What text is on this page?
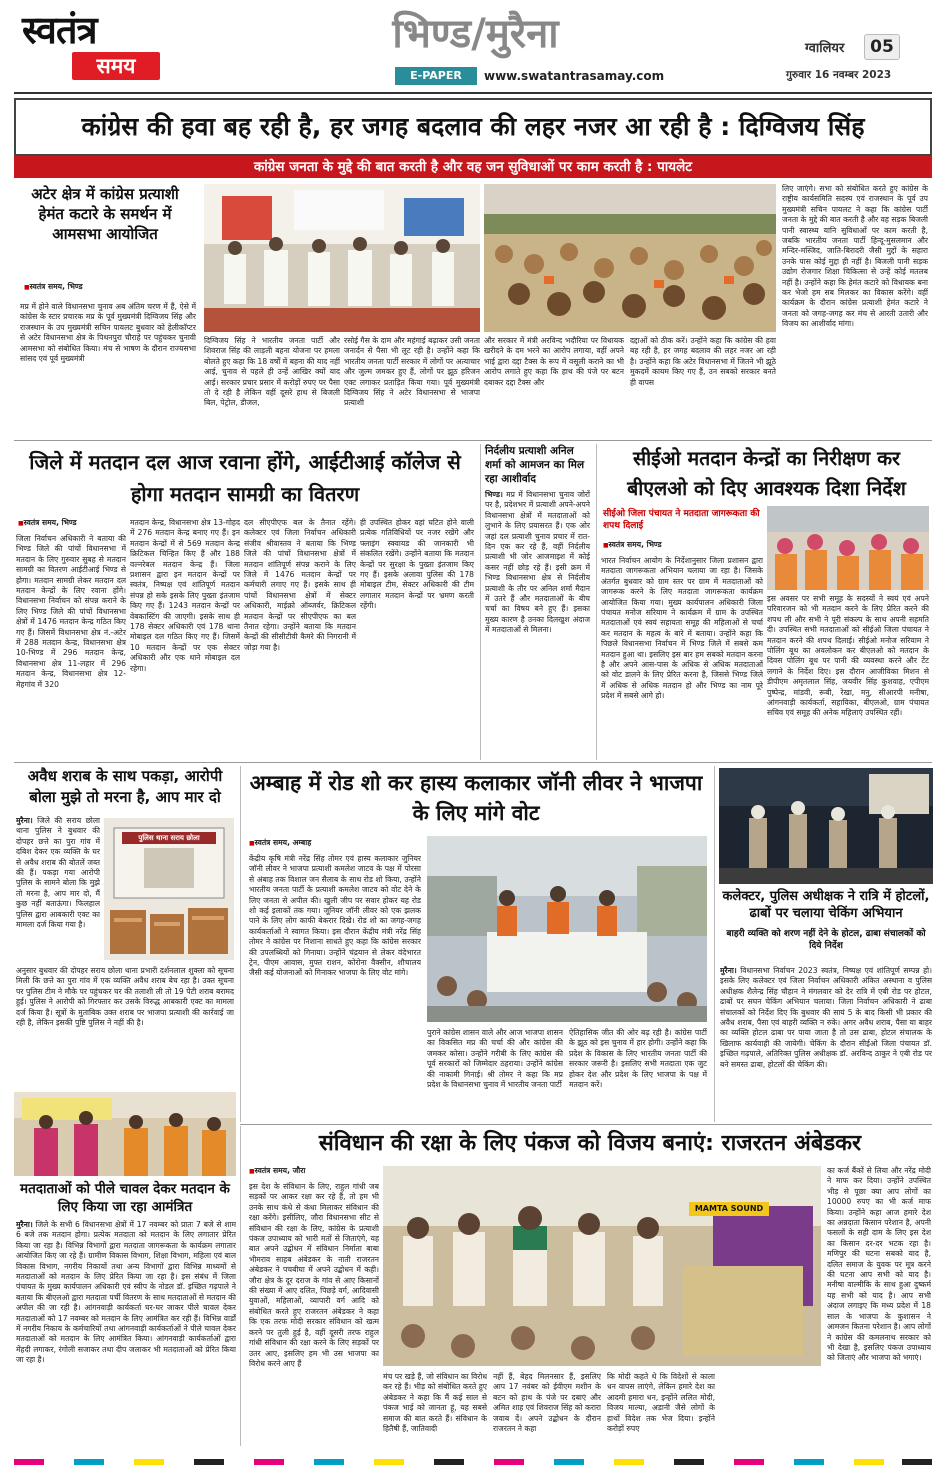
स्वतंत्र
समय
भिण्ड/मुरैना
E-PAPER	www.swatantrasamay.com
ग्वालियर	05
गुरुवार 16 नवम्बर 2023
कांग्रेस की हवा बह रही है, हर जगह बदलाव की लहर नजर आ रही है : दिग्विजय सिंह
कांग्रेस जनता के मुद्दे की बात करती है और वह जन सुविधाओं पर काम करती है : पायलेट
अटेर क्षेत्र में कांग्रेस प्रत्याशी हेमंत कटारे के समर्थन में आमसभा आयोजित
■ स्वतंत्र समय, भिण्ड
मप्र में होने वाले विधानसभा चुनाव अब अंतिम चरण में हैं, ऐसे में कांग्रेस के स्टार प्रचारक मप्र के पूर्व मुख्यमंत्री दिग्विजय सिंह और राजस्थान के उप मुख्यमंत्री सचिन पायलट बुधवार को हेलीकॉप्टर से अटेर विधानसभा क्षेत्र के पिथनपुरा चौराहे पर पहुंचकर चुनावी आमसभा को संबोधित किया। मंच से भाषण के दौरान राज्यसभा सांसद एवं पूर्व मुख्यमंत्री
दिग्विजय सिंह ने भारतीय जनता पार्टी और शिवराज सिंह की लाड़ली बहना योजना पर हमला बोलते हुए कहा कि 18 वर्षों में बहना की याद नहीं आई, चुनाव से पहले ही उन्हें आखिर क्यों याद आई। सरकार प्रचार प्रसार में करोड़ों रुपए पर पैसा तो दे रही है लेकिन वहीं दूसरे हाथ से बिजली बिल, पेट्रोल, डीजल,
रसोई गैस के दाम और महंगाई बढ़ाकर उसी जनता जनार्दन से पैसा भी लूट रही है। उन्होंने कहा कि भारतीय जनता पार्टी सरकार में लोगों पर अत्याचार और जुल्म जमकर हुए हैं, लोगों पर झूठ हरिजन एक्ट लगाकर प्रताड़ित किया गया। पूर्व मुख्यमंत्री दिग्विजय सिंह ने अटेर विधानसभा से भाजपा प्रत्याशी
और सरकार में मंत्री अरविन्द भदौरिया पर विधायक खरीदने के दम भरने का आरोप लगाया, वहीं अपने भाई द्वारा दद्दा टैक्स के रूप में वसूली कराने का भी आरोप लगाते हुए कहा कि हाथ की पंजे पर बटन दबाकर दद्दा टैक्स और
दद्दाओं को ठीक करें। उन्होंने कहा कि कांग्रेस की हवा बह रही है, हर जगह बदलाव की लहर नजर आ रही है। उन्होंने कहा कि अटेर विधानसभा में जितने भी झूठे मुकदमें कायम किए गए हैं, उन सबको सरकार बनते ही वापस
लिए जाएंगे। सभा को संबोधित करते हुए कांग्रेस के राष्ट्रीय कार्यसमिति सदस्य एवं राजस्थान के पूर्व उप मुख्यमंत्री सचिन पायलट ने कहा कि कांग्रेस पार्टी जनता के मुद्दे की बात करती है और वह सड़क बिजली पानी स्वास्थ्य यानि सुविधाओं पर काम करती है, जबकि भारतीय जनता पार्टी हिन्दू-मुसलमान और मन्दिर-मस्जिद, जाति-बिरादरी जैसी मुद्दों के सहारा उनके पास कोई मुद्दा ही नहीं है। बिजली पानी सड़क उद्योग रोजगार शिक्षा चिकित्सा से उन्हें कोई मतलब नहीं है। उन्होंने कहा कि हेमंत कटारे को विधायक बना कर भेजो हम सब मिलकर का विकास करेंगे। वहीं कार्यक्रम के दौरान कांग्रेस प्रत्याशी हेमंत कटारे ने जनता को जगह-जगह कर मंच से आरती उतारी और विजय का आशीर्वाद मांगा।
जिले में मतदान दल आज रवाना होंगे, आईटीआई कॉलेज से होगा मतदान सामग्री का वितरण
■ स्वतंत्र समय, भिण्ड
जिला निर्वाचन अधिकारी ने बताया की भिण्ड जिले की पांचों विधानसभा में मतदान के लिए गुरुवार सुबह से मतदान सामग्री का वितरण आईटीआई भिण्ड से होगा। मतदान सामग्री लेकर मतदान दल मतदान केन्द्रों के लिए रवाना होंगे। विधानसभा निर्वाचन को संपन्न कराने के लिए भिण्ड जिले की पांचों विधानसभा क्षेत्रों में 1476 मतदान केन्द्र गठित किए गए हैं। जिसमें विधानसभा क्षेत्र नं.-अटेर में 288 मतदान केन्द्र, विधानसभा क्षेत्र 10-भिण्ड में 296 मतदान केन्द्र, विधानसभा क्षेत्र 11-लहार में 296 मतदान केन्द्र, विधानसभा क्षेत्र 12-मेहगांव में 320
मतदान केन्द्र, विधानसभा क्षेत्र 13-गोहद में 276 मतदान केन्द्र बनाए गए हैं। इन मतदान केन्द्रों में से 569 मतदान केन्द्र क्रिटिकल चिन्हित किए हैं और 188 वल्नरेबल मतदान केन्द्र हैं। जिला प्रशासन द्वारा इन मतदान केन्द्रों पर स्वतंत्र, निष्पक्ष एवं शांतिपूर्ण मतदान संपन्न हो सके इसके लिए पुख्ता इंतजाम किए गए हैं। 1243 मतदान केन्द्रों पर वेबकास्टिंग की जाएगी। इसके साथ ही 178 सेक्टर अधिकारी एवं 178 थाना मोबाइल दल गठित किए गए हैं। जिसमें 10 मतदान केन्द्रों पर एक सेक्टर अधिकारी और एक थाने मोबाइल दल रहेगा।
दल सीएपीएफ बल के तैनात रहेंगे। कलेक्टर एवं जिला निर्वाचन अधिकारी संजीव श्रीवास्तव ने बताया कि भिण्ड जिले की पांचों विधानसभा क्षेत्रों में मतदान शांतिपूर्ण संपन्न कराने के लिए जिले में 1476 मतदान केन्द्रों पर कर्मचारी लगाए गए हैं। इसके साथ ही पांचों विधानसभा क्षेत्रों में सेक्टर अधिकारी, माईक्रो ऑब्जर्वर, क्रिटिकल मतदान केन्द्रों पर सीएपीएफ का बल तैनात रहेगा। उन्होंने बताया कि मतदान केन्द्रों की सीसीटीवी कैमरे की निगरानी में जोड़ा गया है।
ही उपस्थित होकर वहां घटित होने वाली प्रत्येक गतिविधियों पर नजर रखेंगे और फ्लाइंग स्क्वायड की जानकारी भी संकलित रखेंगे। उन्होंने बताया कि मतदान केन्द्रों पर सुरक्षा के पुख्ता इंतजाम किए गए हैं। इसके अलावा पुलिस की 178 मोबाइल टीम, सेक्टर अधिकारी की टीम लगातार मतदान केन्द्रों पर भ्रमण करती रहेंगी।
निर्दलीय प्रत्याशी अनिल शर्मा को आमजन का मिल रहा आशीर्वाद
भिण्ड। मप्र में विधानसभा चुनाव जोरों पर है, प्रदेशभर में प्रत्याशी अपने-अपने विधानसभा क्षेत्रों में मतदाताओं को लुभाने के लिए प्रयासरत हैं। एक ओर जहां दल प्रत्याशी चुनाव प्रचार में रात-दिन एक कर रहे हैं, वहीं निर्दलीय प्रत्याशी भी जोर आजमाइश में कोई कसर नहीं छोड़ रहे हैं। इसी क्रम में भिण्ड विधानसभा क्षेत्र से निर्दलीय प्रत्याशी के तौर पर अनिल शर्मा मैदान में उतरे हैं और मतदाताओं के बीच चर्चा का विषय बने हुए हैं। इसका मुख्य कारण है उनका दिलखुश अंदाज में मतदाताओं से मिलना।
सीईओ मतदान केन्द्रों का निरीक्षण कर बीएलओ को दिए आवश्यक दिशा निर्देश
सीईओ जिला पंचायत ने मतदाता जागरूकता की शपथ दिलाई
■ स्वतंत्र समय, भिण्ड
भारत निर्वाचन आयोग के निर्देशानुसार जिला प्रशासन द्वारा मतदाता जागरूकता अभियान चलाया जा रहा है। जिसके अंतर्गत बुधवार को ग्राम स्तर पर ग्राम में मतदाताओं को जागरूक करने के लिए मतदाता जागरूकता कार्यक्रम आयोजित किया गया। मुख्य कार्यपालन अधिकारी जिला पंचायत मनोज सरियाम ने कार्यक्रम में ग्राम के उपस्थित मतदाताओं एवं स्वयं सहायता समूह की महिलाओं से चर्चा कर मतदान के महत्व के बारे में बताया। उन्होंने कहा कि पिछले विधानसभा निर्वाचन में भिण्ड जिले में सबसे कम मतदान हुआ था। इसलिए इस बार हम सबको मतदान करना है और अपने आस-पास के अधिक से अधिक मतदाताओं को वोट डालने के लिए प्रेरित करना है, जिससे भिण्ड जिले में अधिक से अधिक मतदान हो और भिण्ड का नाम पूरे प्रदेश में सबसे आगे हो।
इस अवसर पर सभी समूह के सदस्यों ने स्वयं एवं अपने परिवारजन को भी मतदान करने के लिए प्रेरित करने की शपथ ली और सभी ने पूरी संकल्प के साथ अपनी सहमति दी। उपस्थित सभी मतदाताओं को सीईओ जिला पंचायत ने मतदान करने की शपथ दिलाई। सीईओ मनोज सरियाम ने पोलिंग बूथ का अवलोकन कर बीएलओ को मतदान के दिवस पोलिंग बूथ पर पानी की व्यवस्था करने और टेंट लगाने के निर्देश दिए। इस दौरान आजीविका मिशन से डीपीएम अमृतलाल सिंह, जयवीर सिंह कुशवाह, एपीएम पुष्पेन्द्र, मांडवी, रूबी, रेखा, मनु, सीआरपी मनीषा, आंगनवाड़ी कार्यकर्ता, सहायिका, बीएलओ, ग्राम पंचायत सचिव एवं समूह की अनेक महिलाएं उपस्थित रहीं।
अवैध शराब के साथ पकड़ा, आरोपी बोला मुझे तो मरना है, आप मार दो
मुरैना। जिले की सराय छोला थाना पुलिस ने बुधवार की दोपहर छत्ते का पुरा गांव में दबिश देकर एक व्यक्ति के घर से अवैध शराब की बोतलें जब्त की हैं। पकड़ा गया आरोपी पुलिस के सामने बोला कि मुझे तो मरना है, आप मार दो, मैं कुछ नहीं बताऊंगा। फिलहाल पुलिस द्वारा आबकारी एक्ट का मामला दर्ज किया गया है।
पुलिस थाना सराय छोला
अनुसार बुधवार की दोपहर सराय छोला थाना प्रभारी दर्शनलाल शुक्ला को सूचना मिली कि छत्ते का पुरा गांव में एक व्यक्ति अवैध शराब बेच रहा है। उक्त सूचना पर पुलिस टीम ने मौके पर पहुंचकर घर की तलाशी ली तो 19 पेटी शराब बरामद हुई। पुलिस ने आरोपी को गिरफ्तार कर उसके विरुद्ध आबकारी एक्ट का मामला दर्ज किया है। सूत्रों के मुताबिक उक्त शराब पर भाजपा प्रत्याशी की कार्रवाई जा रही है, लेकिन इसकी पुष्टि पुलिस ने नहीं की है।
अम्बाह में रोड शो कर हास्य कलाकार जॉनी लीवर ने भाजपा के लिए मांगे वोट
■ स्वतंत्र समय, अम्बाह
केंद्रीय कृषि मंत्री नरेंद्र सिंह तोमर एवं हास्य कलाकार जुनियर जॉनी लीवर ने भाजपा प्रत्याशी कमलेश जाटव के पक्ष में पोरसा से अंबाह तक विशाल जन सैलाब के साथ रोड शो किया, उन्होंने भारतीय जनता पार्टी के प्रत्याशी कमलेश जाटव को वोट देने के लिए जनता से अपील की। खुली जीप पर सवार होकर यह रोड शो कई इलाकों तक गया। जूनियर जॉनी लीवर को एक झलक पाने के लिए लोग काफी बेकरार दिखे। रोड शो का जगह-जगह कार्यकर्ताओं ने स्वागत किया। इस दौरान केंद्रीय मंत्री नरेंद्र सिंह तोमर ने कांग्रेस पर निशाना साधते हुए कहा कि कांग्रेस सरकार की उपलब्धियों को गिनाया। उन्होंने चंद्रयान से लेकर वंदेभारत ट्रेन, पीएम आवास, मुफ्त राशन, कोरोना वैक्सीन, शौचालय जैसी कई योजनाओं को गिनाकर भाजपा के लिए वोट मांगे।
पुराने कांग्रेस शासन वाले और आज भाजपा शासन का विकसित मप्र की चर्चा की और कांग्रेस की जमकर कोसा। उन्होंने गरीबी के लिए कांग्रेस की पूर्व सरकारों को जिम्मेदार ठहराया। उन्होंने कांग्रेस की नाकामी गिनाई। श्री तोमर ने कहा कि मप्र प्रदेश के विधानसभा चुनाव में भारतीय जनता पार्टी
ऐतिहासिक जीत की ओर बढ़ रही है। कांग्रेस पार्टी के झूठ को इस चुनाव में हार होगी। उन्होंने कहा कि प्रदेश के विकास के लिए भारतीय जनता पार्टी की सरकार जरूरी है। इसलिए सभी मतदाता एक जुट होकर देश और प्रदेश के लिए भाजपा के पक्ष में मतदान करें।
कलेक्टर, पुलिस अधीक्षक ने रात्रि में होटलों, ढाबों पर चलाया चेकिंग अभियान
बाहरी व्यक्ति को शरण नहीं देने के होटल, ढाबा संचालकों को दिये निर्देश
मुरैना। विधानसभा निर्वाचन 2023 स्वतंत्र, निष्पक्ष एवं शांतिपूर्ण सम्पन्न हो। इसके लिए कलेक्टर एवं जिला निर्वाचन अधिकारी अंकित अस्थाना व पुलिस अधीक्षक शैलेन्द्र सिंह चौहान ने मंगलवार को देर रात्रि में एबी रोड पर होटल, ढाबों पर सघन चेकिंग अभियान चलाया। जिला निर्वाचन अधिकारी ने ढाबा संचालकों को निर्देश दिए कि बुधवार की सायं 5 के बाद किसी भी प्रकार की अवैध शराब, पैसा एवं बाहरी व्यक्ति न रुके। अगर अवैध शराब, पैसा या बाहर का व्यक्ति होटल ढाबा पर पाया जाता है तो उस ढाबा, होटल संचालक के खिलाफ कार्यवाही की जायेगी। चेकिंग के दौरान सीईओ जिला पंचायत डॉ. इच्छित गढ़पाले, अतिरिक्त पुलिस अधीक्षक डॉ. अरविन्द ठाकुर ने एबी रोड पर बने समस्त ढाबा, होटलों की चेकिंग की।
मतदाताओं को पीले चावल देकर मतदान के लिए किया जा रहा आमंत्रित
मुरैना। जिले के सभी 6 विधानसभा क्षेत्रों में 17 नवम्बर को प्रातः 7 बजे से शाम 6 बजे तक मतदान होगा। प्रत्येक मतदाता को मतदान के लिए लगातार प्रेरित किया जा रहा है। विभिन्न विभागों द्वारा मतदाता जागरूकता के कार्यक्रम लगातार आयोजित किए जा रहे हैं। ग्रामीण विकास विभाग, शिक्षा विभाग, महिला एवं बाल विकास विभाग, नगरीय निकायों तथा अन्य विभागों द्वारा विभिन्न माध्यमों से मतदाताओं को मतदान के लिए प्रेरित किया जा रहा है। इस संबंध में जिला पंचायत के मुख्य कार्यपालन अधिकारी एवं स्वीप के नोडल डॉ. इच्छित गढ़पाले ने बताया कि बीएलओ द्वारा मतदाता पर्ची वितरण के साथ मतदाताओं से मतदान की अपील की जा रही है। आंगनवाड़ी कार्यकर्ता घर-घर जाकर पीले चावल देकर मतदाताओं को 17 नवम्बर को मतदान के लिए आमंत्रित कर रही हैं। विभिन्न वार्डों में नगरीय निकाय के कर्मचारियों तथा आंगनवाड़ी कार्यकर्ताओं ने पीले चावल देकर मतदाताओं को मतदान के लिए आमंत्रित किया। आंगनवाड़ी कार्यकर्ताओं द्वारा मेंहदी लगाकर, रंगोली सजाकर तथा दीप जलाकर भी मतदाताओं को प्रेरित किया जा रहा है।
संविधान की रक्षा के लिए पंकज को विजय बनाएं: राजरतन अंबेडकर
■ स्वतंत्र समय, जौरा
इस देश के संविधान के लिए, राहुल गांधी जब सड़कों पर आकर रक्षा कर रहे हैं, तो हम भी उनके साथ कंधे से कंधा मिलाकर संविधान की रक्षा करेंगे। इसीलिए, जौरा विधानसभा सीट से संविधान की रक्षा के लिए, कांग्रेस के प्रत्याशी पंकज उपाध्याय को भारी मतों से जिताएंगे, यह बात अपने उद्बोधन में संविधान निर्माता बाबा भीमराव साहब अंबेडकर के नाती राजरतन अंबेडकर ने पचबीघा में अपने उद्बोधन में कही। जौरा क्षेत्र के दूर दराज के गांव से आए किसानों की संख्या में आए दलित, पिछड़े वर्ग, आदिवासी युवाओं, महिलाओं, व्यापारी वर्ग आदि को संबोधित करते हुए राजरतन अंबेडकर ने कहा कि एक तरफ मोदी सरकार संविधान को खत्म करने पर तुली हुई है, वहीं दूसरी तरफ राहुल गांधी संविधान की रक्षा करने के लिए सड़कों पर उतर आए, इसलिए हम भी उस भाजपा का विरोध करने आए हैं
MAMTA SOUND
मंच पर खड़े हैं, जो संविधान का विरोध कर रहे हैं। भीड़ को संबोधित करते हुए अंबेडकर ने कहा कि मैं कई साल से पंकज भाई को जानता हूं, यह सबसे समाज की बात करते हैं। संविधान के हितैषी हैं, जातिवादी
नहीं हैं, बेहद मिलनसार हैं, इसलिए आप 17 नवंबर को ईवीएम मशीन के बटन को हाथ के पंजे पर दबाएं और अमित शाह एवं शिवराज सिंह को करारा जवाब दें। अपने उद्बोधन के दौरान राजरतन ने कहा
कि मोदी कहते थे कि विदेशों से काला धन वापस लाएंगे, लेकिन हमारे देश का आदमी हमारा धन, इन्होंने ललित मोदी, विजय माल्या, अडानी जैसे लोगों के हाथों विदेश तक भेज दिया। इन्होंने करोड़ों रुपए
का कर्ज बैंकों से लिया और नरेंद्र मोदी ने माफ कर दिया। उन्होंने उपस्थित भीड़ से पूछा क्या आप लोगों का 10000 रुपए का भी कर्ज माफ किया। उन्होंने कहा आज हमारे देश का अन्नदाता किसान परेशान है, अपनी फसलों के सही दाम के लिए इस देश का किसान दर-दर भटक रहा है। मणिपुर की घटना सबको याद है, दलित समाज के युवक पर मूत्र करने की घटना आप सभी को याद है। मनीषा वाल्मीकि के साथ हुआ दुष्कर्म यह सभी को याद है। आप सभी अंदाज लगाइए कि मध्य प्रदेश में 18 साल के भाजपा के कुशासन ने आमजन कितना परेशान है। आप लोगों ने कांग्रेस की कमलनाथ सरकार को भी देखा है, इसलिए पंकज उपाध्याय को जिताएं और भाजपा को भगाएं।
